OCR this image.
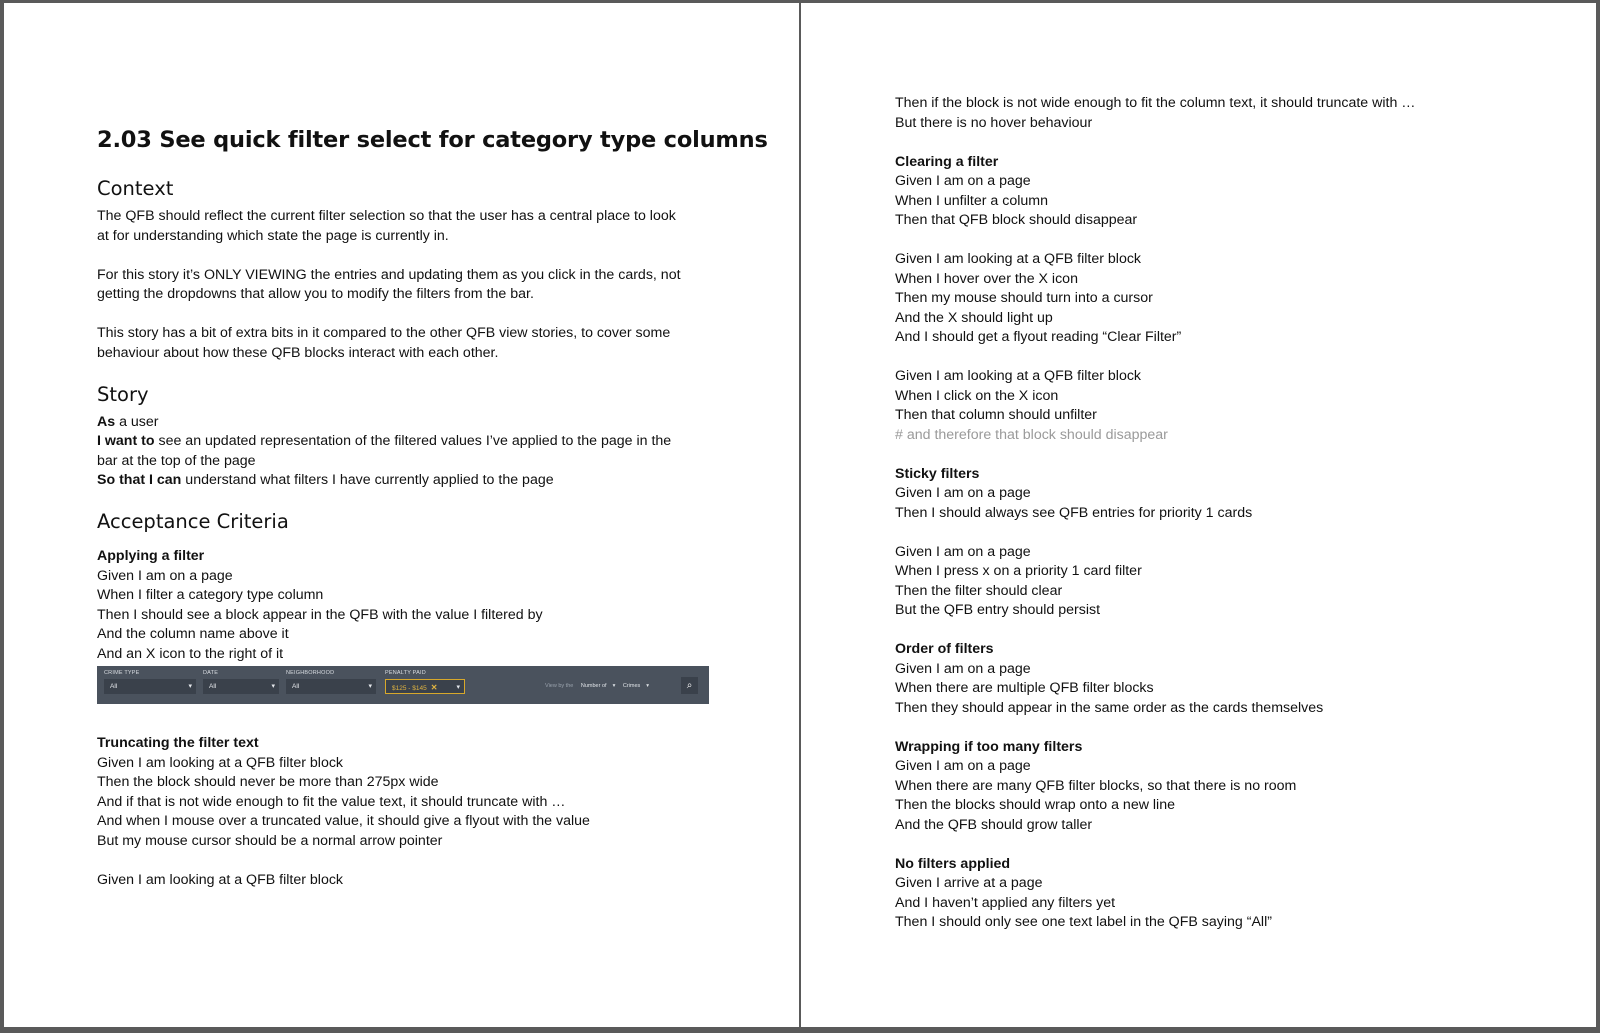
2.03 See quick filter select for category type columns
Context
The QFB should reflect the current filter selection so that the user has a central place to look
at for understanding which state the page is currently in.
For this story it’s ONLY VIEWING the entries and updating them as you click in the cards, not
getting the dropdowns that allow you to modify the filters from the bar.
This story has a bit of extra bits in it compared to the other QFB view stories, to cover some
behaviour about how these QFB blocks interact with each other.
Story
As a user
I want to see an updated representation of the filtered values I’ve applied to the page in the
bar at the top of the page
So that I can understand what filters I have currently applied to the page
Acceptance Criteria
Applying a filter
Given I am on a page
When I filter a category type column
Then I should see a block appear in the QFB with the value I filtered by
And the column name above it
And an X icon to the right of it
CRIME TYPE
All	▾
DATE
All	▾
NEIGHBORHOOD
All	▾
PENALTY PAID
$125 - $145 ✕	▾	View by the Number of ▾ Crimes ▾	⌕
Truncating the filter text
Given I am looking at a QFB filter block
Then the block should never be more than 275px wide
And if that is not wide enough to fit the value text, it should truncate with …
And when I mouse over a truncated value, it should give a flyout with the value
But my mouse cursor should be a normal arrow pointer
Given I am looking at a QFB filter block
Then if the block is not wide enough to fit the column text, it should truncate with …
But there is no hover behaviour
Clearing a filter
Given I am on a page
When I unfilter a column
Then that QFB block should disappear
Given I am looking at a QFB filter block
When I hover over the X icon
Then my mouse should turn into a cursor
And the X should light up
And I should get a flyout reading “Clear Filter”
Given I am looking at a QFB filter block
When I click on the X icon
Then that column should unfilter
# and therefore that block should disappear
Sticky filters
Given I am on a page
Then I should always see QFB entries for priority 1 cards
Given I am on a page
When I press x on a priority 1 card filter
Then the filter should clear
But the QFB entry should persist
Order of filters
Given I am on a page
When there are multiple QFB filter blocks
Then they should appear in the same order as the cards themselves
Wrapping if too many filters
Given I am on a page
When there are many QFB filter blocks, so that there is no room
Then the blocks should wrap onto a new line
And the QFB should grow taller
No filters applied
Given I arrive at a page
And I haven’t applied any filters yet
Then I should only see one text label in the QFB saying “All”
